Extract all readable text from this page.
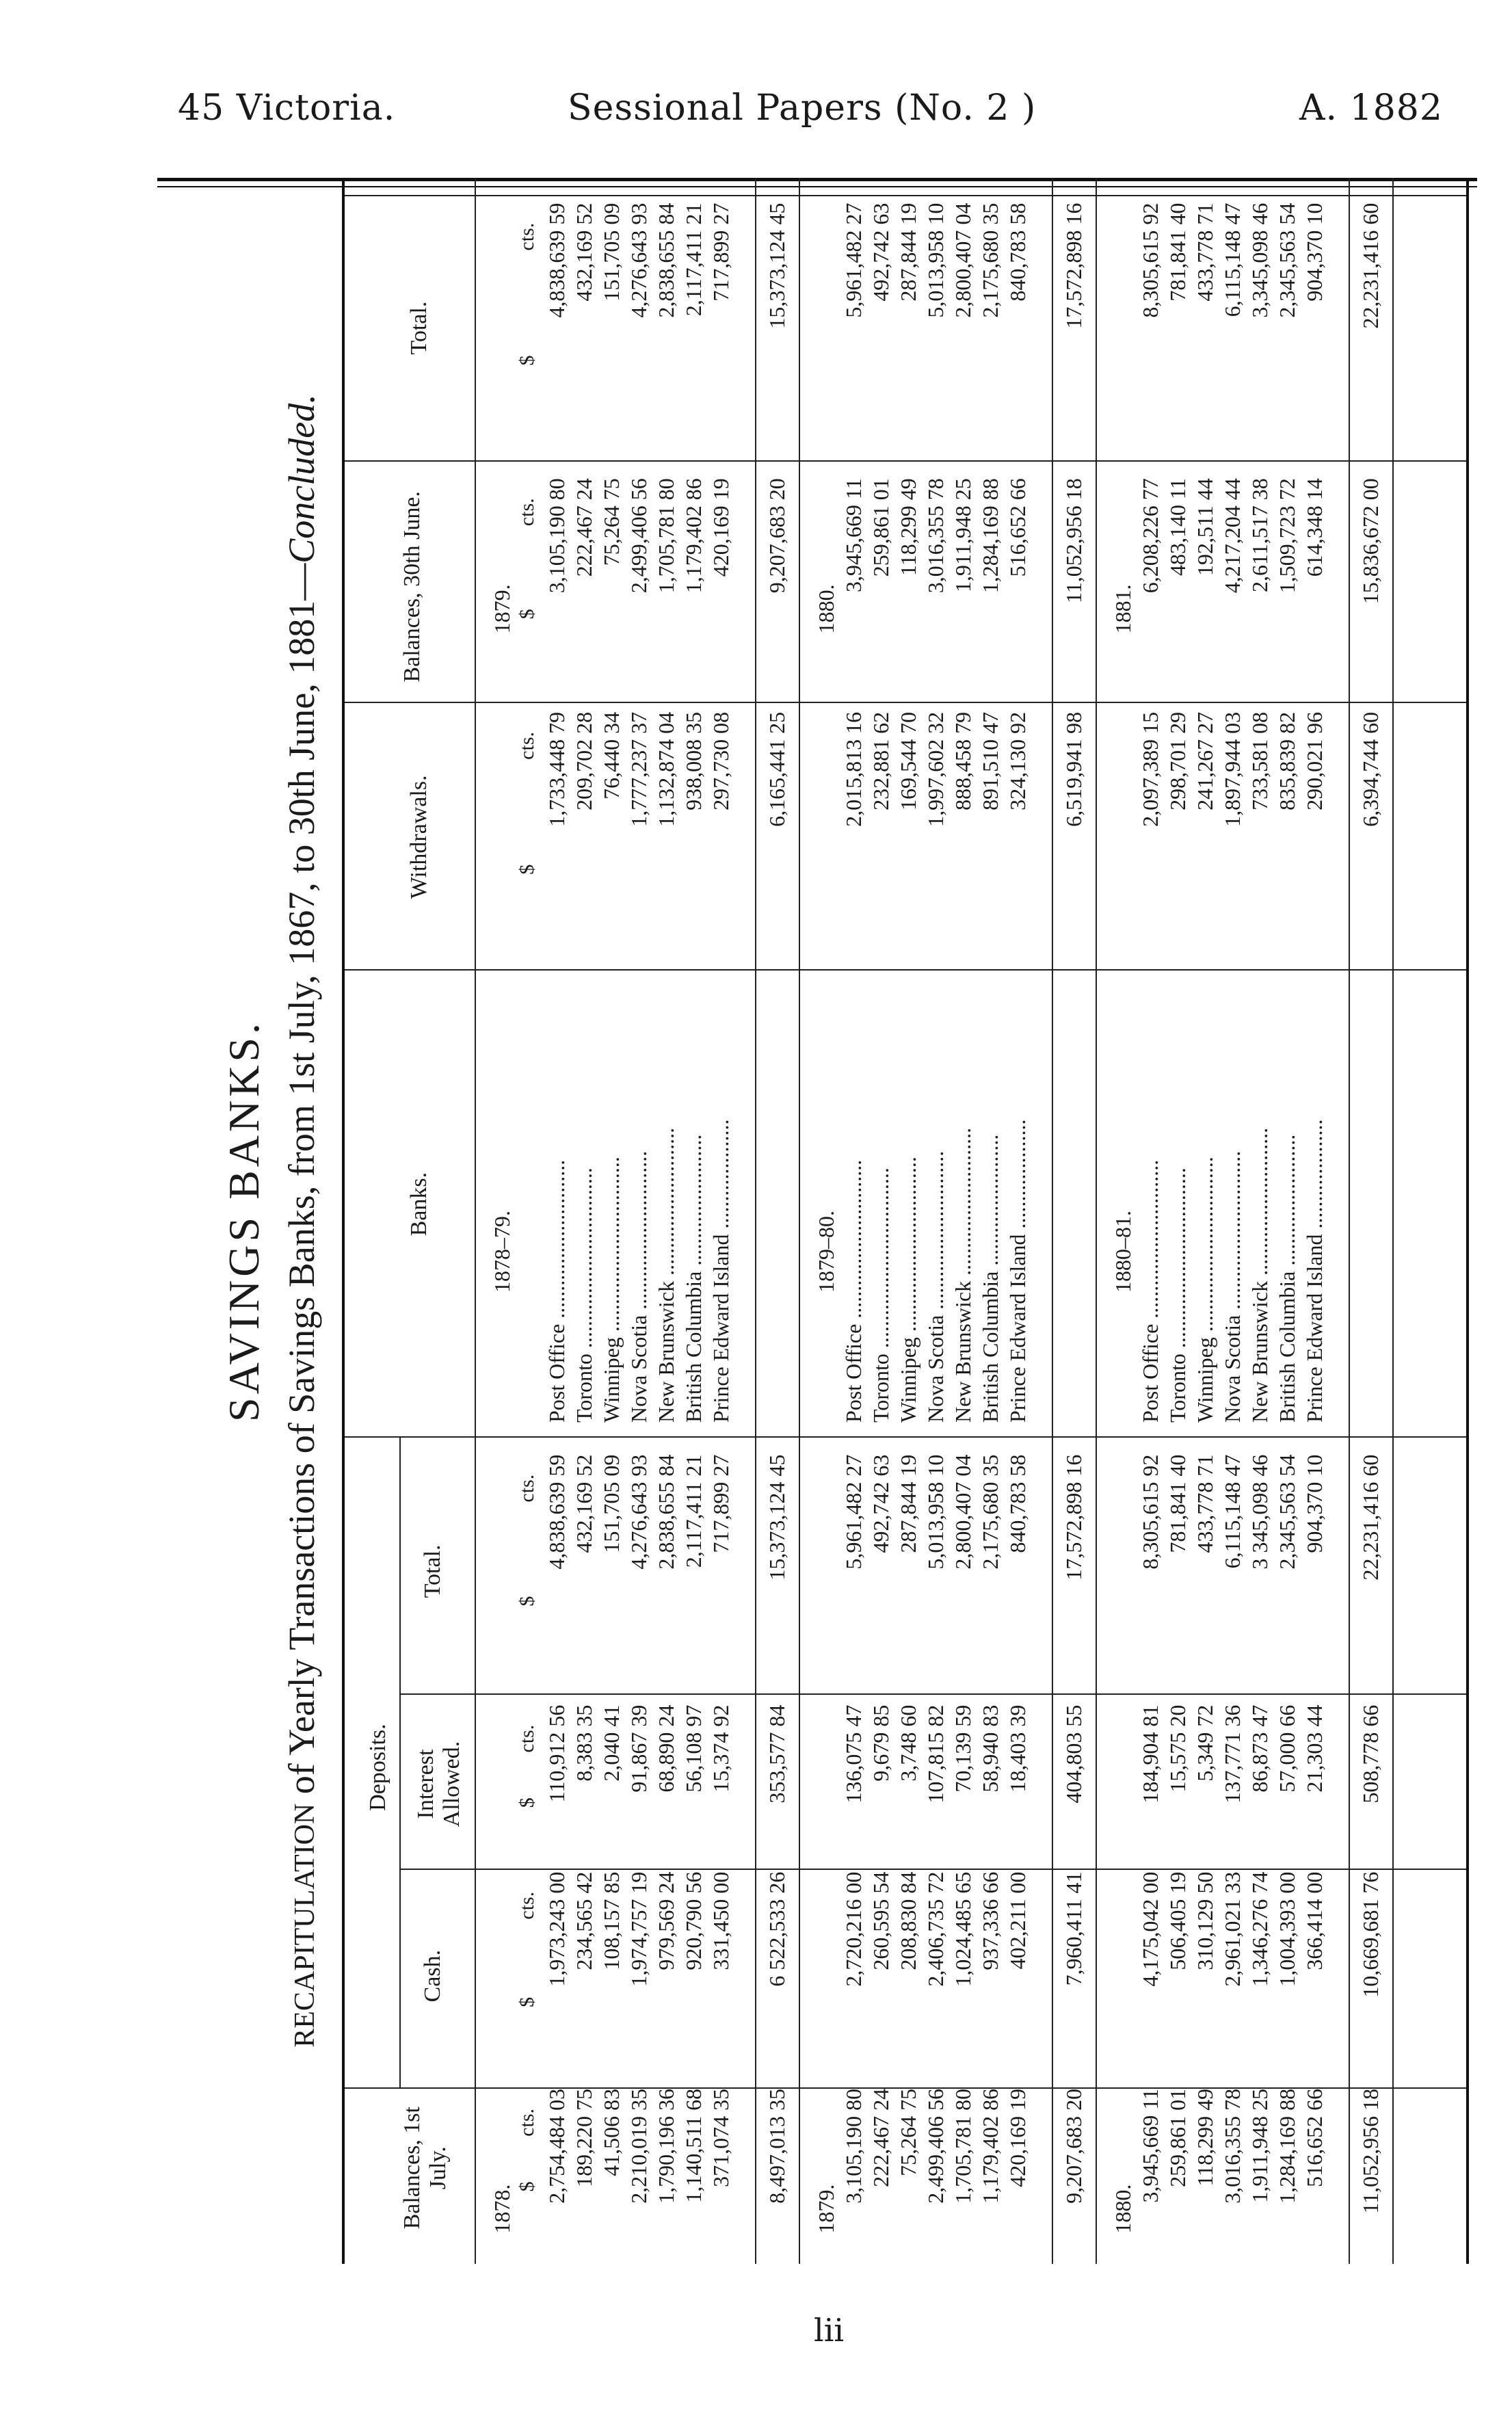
45 Victoria.	Sessional Papers (No. 2 )	A. 1882
lii
SAVINGS BANKS.
RECAPITULATION of Yearly Transactions of Savings Banks, from 1st July, 1867, to 30th June, 1881—Concluded.
Balances, 1st July.
Deposits.
Cash.
Interest Allowed.
Total.
Banks.
Withdrawals.
Balances, 30th June.
Total.
1878.
1878–79.
1879.
$
cts.
$
cts.
$
cts.
$
cts.
$
cts.
$
cts.
$
cts.
2,754,484 03
1,973,243 00
110,912 56
4,838,639 59
1,733,448 79
3,105,190 80
4,838,639 59
Post Office .............................
189,220 75
234,565 42
8,383 35
432,169 52
209,702 28
222,467 24
432,169 52
Toronto .................................
41,506 83
108,157 85
2,040 41
151,705 09
76,440 34
75,264 75
151,705 09
Winnipeg ................................
2,210,019 35
1,974,757 19
91,867 39
4,276,643 93
1,777,237 37
2,499,406 56
4,276,643 93
Nova Scotia .............................
1,790,196 36
979,569 24
68,890 24
2,838,655 84
1,132,874 04
1,705,781 80
2,838,655 84
New Brunswick ...........................
1,140,511 68
920,790 56
56,108 97
2,117,411 21
938,008 35
1,179,402 86
2,117,411 21
British Columbia ........................
371,074 35
331,450 00
15,374 92
717,899 27
297,730 08
420,169 19
717,899 27
Prince Edward Island ....................
8,497,013 35
6 522,533 26
353,577 84
15,373,124 45
6,165,441 25
9,207,683 20
15,373,124 45
1879.
1879–80.
1880.
3,105,190 80
2,720,216 00
136,075 47
5,961,482 27
2,015,813 16
3,945,669 11
5,961,482 27
Post Office .............................
222,467 24
260,595 54
9,679 85
492,742 63
232,881 62
259,861 01
492,742 63
Toronto .................................
75,264 75
208,830 84
3,748 60
287,844 19
169,544 70
118,299 49
287,844 19
Winnipeg ................................
2,499,406 56
2,406,735 72
107,815 82
5,013,958 10
1,997,602 32
3,016,355 78
5,013,958 10
Nova Scotia .............................
1,705,781 80
1,024,485 65
70,139 59
2,800,407 04
888,458 79
1,911,948 25
2,800,407 04
New Brunswick ...........................
1,179,402 86
937,336 66
58,940 83
2,175,680 35
891,510 47
1,284,169 88
2,175,680 35
British Columbia ........................
420,169 19
402,211 00
18,403 39
840,783 58
324,130 92
516,652 66
840,783 58
Prince Edward Island ....................
9,207,683 20
7,960,411 41
404,803 55
17,572,898 16
6,519,941 98
11,052,956 18
17,572,898 16
1880.
1880–81.
1881.
3,945,669 11
4,175,042 00
184,904 81
8,305,615 92
2,097,389 15
6,208,226 77
8,305,615 92
Post Office .............................
259,861 01
506,405 19
15,575 20
781,841 40
298,701 29
483,140 11
781,841 40
Toronto .................................
118,299 49
310,129 50
5,349 72
433,778 71
241,267 27
192,511 44
433,778 71
Winnipeg ................................
3,016,355 78
2,961,021 33
137,771 36
6,115,148 47
1,897,944 03
4,217,204 44
6,115,148 47
Nova Scotia .............................
1,911,948 25
1,346,276 74
86,873 47
3 345,098 46
733,581 08
2,611,517 38
3,345,098 46
New Brunswick ...........................
1,284,169 88
1,004,393 00
57,000 66
2,345,563 54
835,839 82
1,509,723 72
2,345,563 54
British Columbia ........................
516,652 66
366,414 00
21,303 44
904,370 10
290,021 96
614,348 14
904,370 10
Prince Edward Island ....................
11,052,956 18
10,669,681 76
508,778 66
22,231,416 60
6,394,744 60
15,836,672 00
22,231,416 60
